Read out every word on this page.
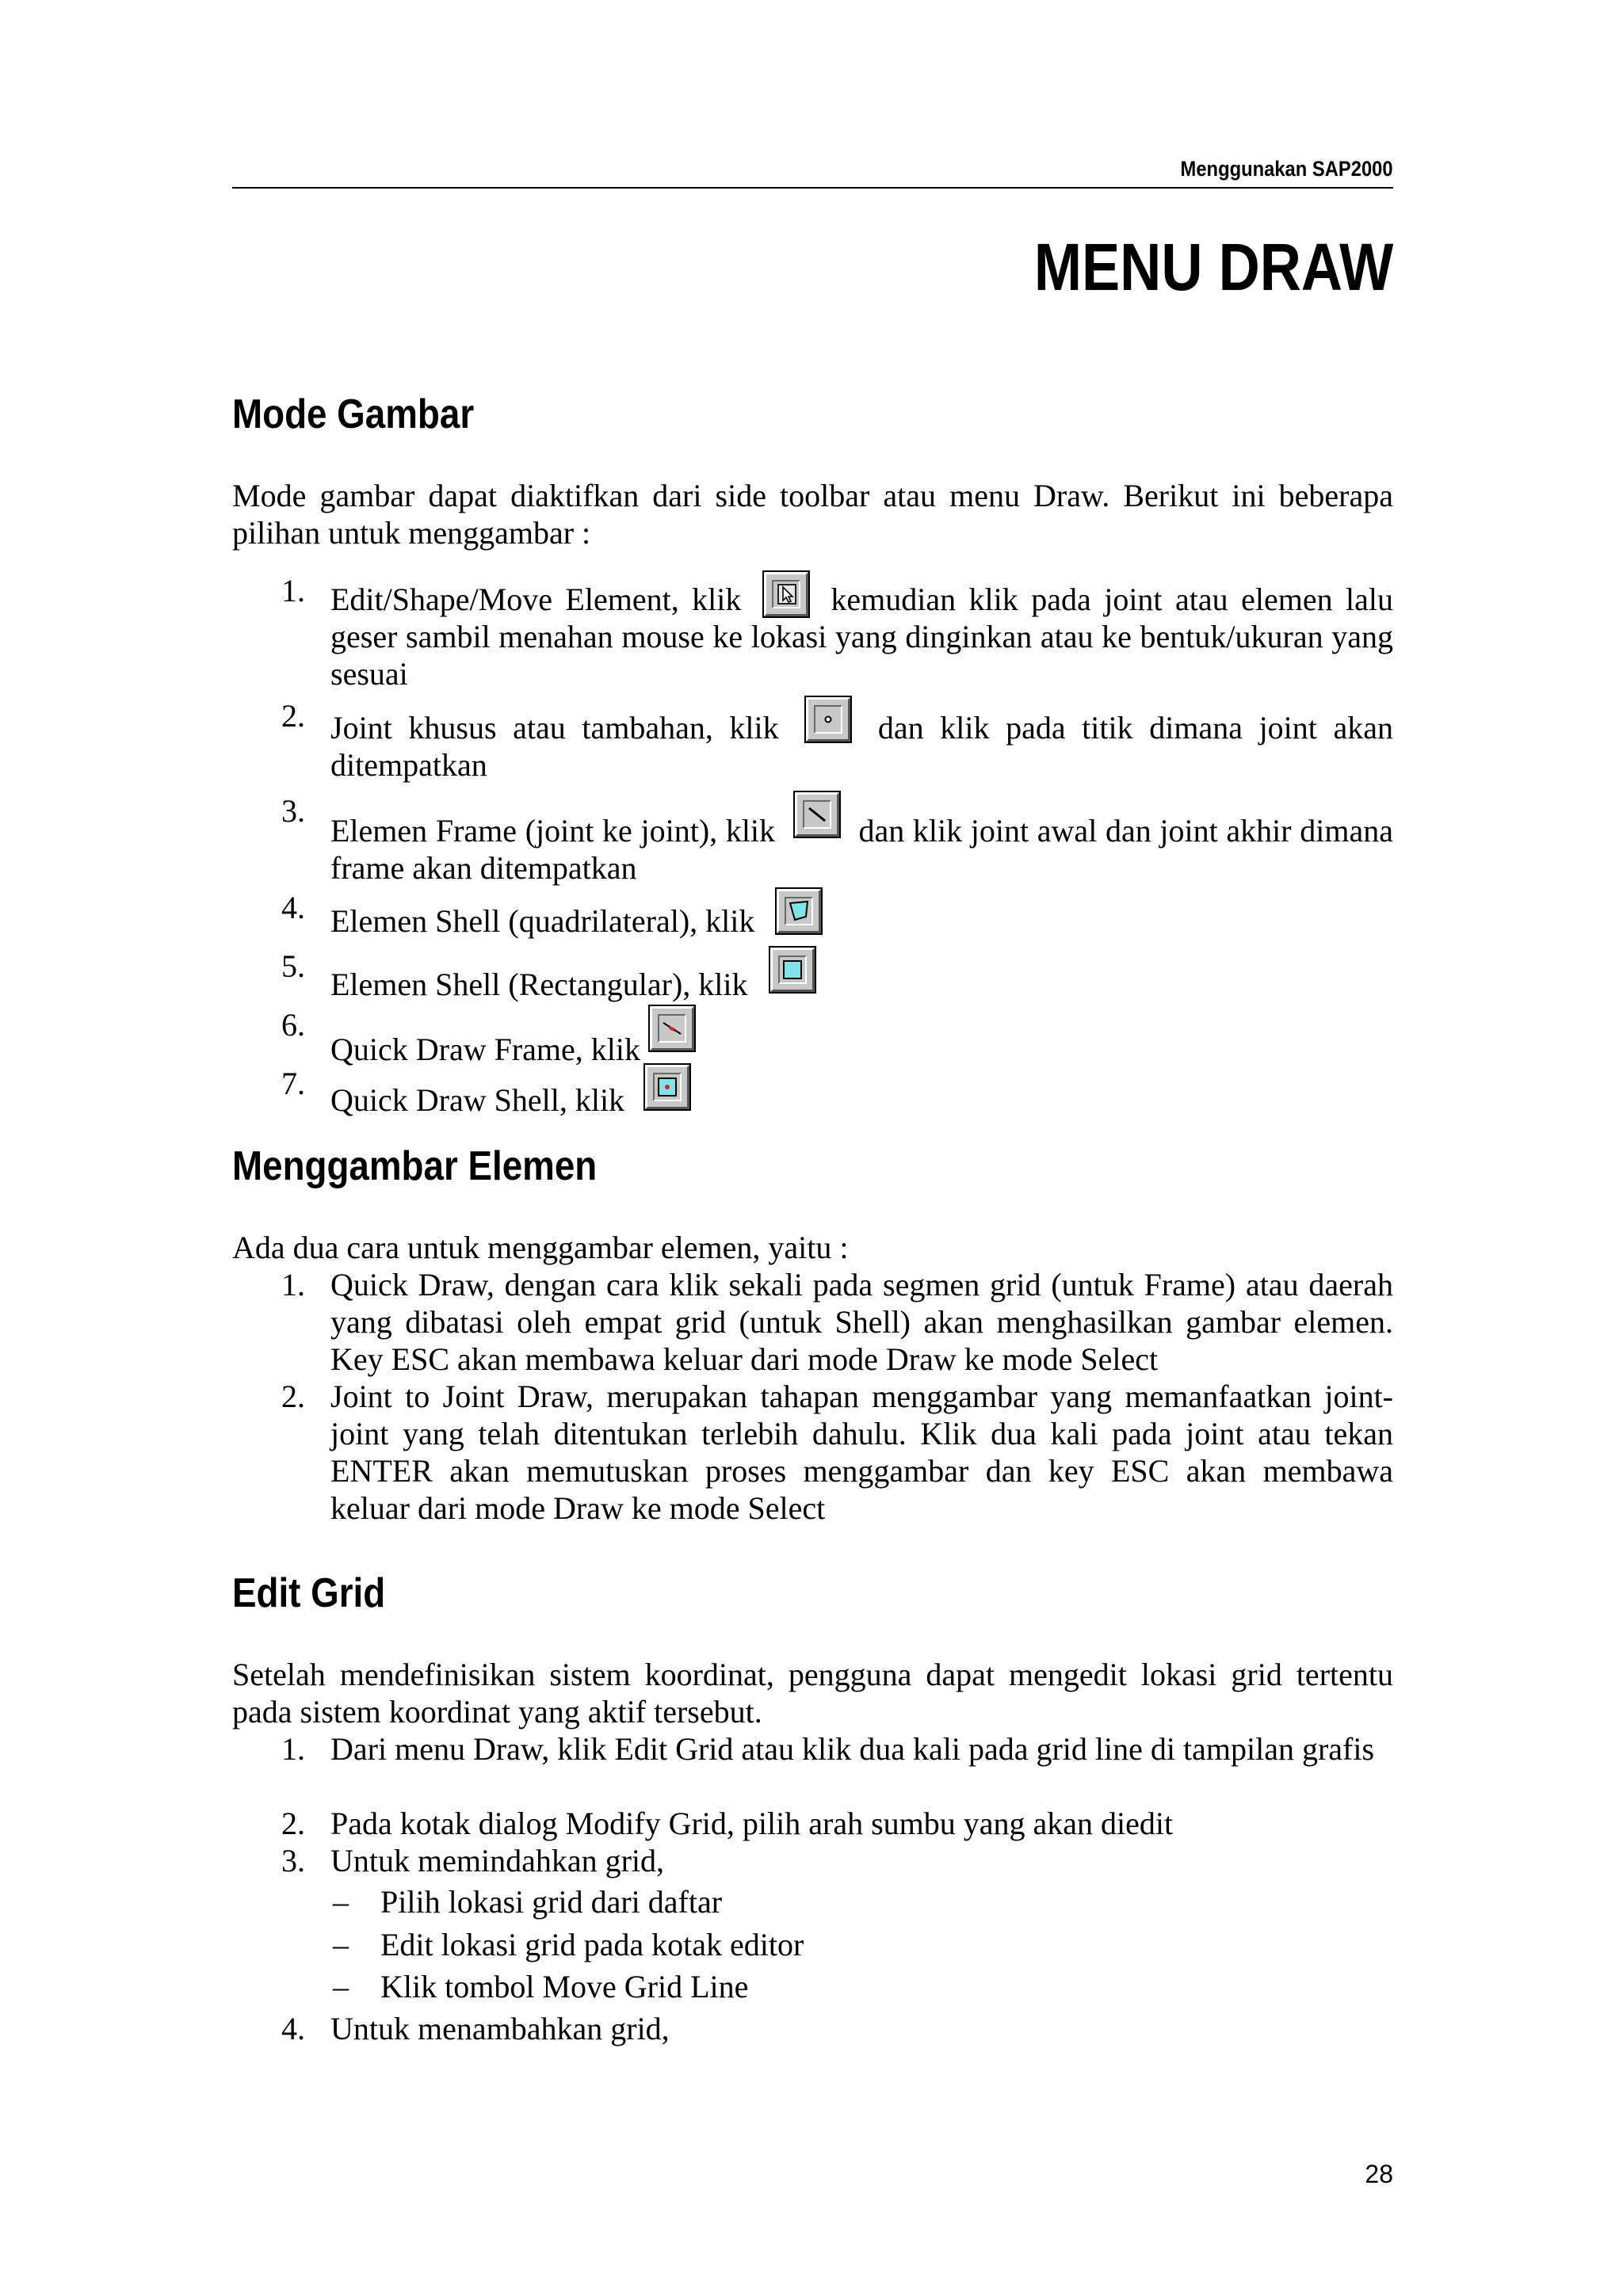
Menggunakan SAP2000
MENU DRAW
Mode Gambar
Mode gambar dapat diaktifkan dari side toolbar atau menu Draw. Berikut ini beberapa pilihan untuk menggambar :
1. Edit/Shape/Move Element, klik	kemudian klik pada joint atau elemen lalu geser sambil menahan mouse ke lokasi yang dinginkan atau ke bentuk/ukuran yang sesuai
2. Joint khusus atau tambahan, klik	dan klik pada titik dimana joint akan ditempatkan
3.
Elemen Frame (joint ke joint), klik	dan klik joint awal dan joint akhir dimana frame akan ditempatkan
4. Elemen Shell (quadrilateral), klik
5.
Elemen Shell (Rectangular), klik
6.
Quick Draw Frame, klik
7. Quick Draw Shell, klik
Menggambar Elemen
Ada dua cara untuk menggambar elemen, yaitu :
1. Quick Draw, dengan cara klik sekali pada segmen grid (untuk Frame) atau daerah yang dibatasi oleh empat grid (untuk Shell) akan menghasilkan gambar elemen. Key ESC akan membawa keluar dari mode Draw ke mode Select
2. Joint to Joint Draw, merupakan tahapan menggambar yang memanfaatkan joint-joint yang telah ditentukan terlebih dahulu. Klik dua kali pada joint atau tekan ENTER akan memutuskan proses menggambar dan key ESC akan membawa keluar dari mode Draw ke mode Select
Edit Grid
Setelah mendefinisikan sistem koordinat, pengguna dapat mengedit lokasi grid tertentu pada sistem koordinat yang aktif tersebut.
1. Dari menu Draw, klik Edit Grid atau klik dua kali pada grid line di tampilan grafis
2. Pada kotak dialog Modify Grid, pilih arah sumbu yang akan diedit
3. Untuk memindahkan grid,
– Pilih lokasi grid dari daftar
– Edit lokasi grid pada kotak editor
– Klik tombol Move Grid Line
4. Untuk menambahkan grid,
28
